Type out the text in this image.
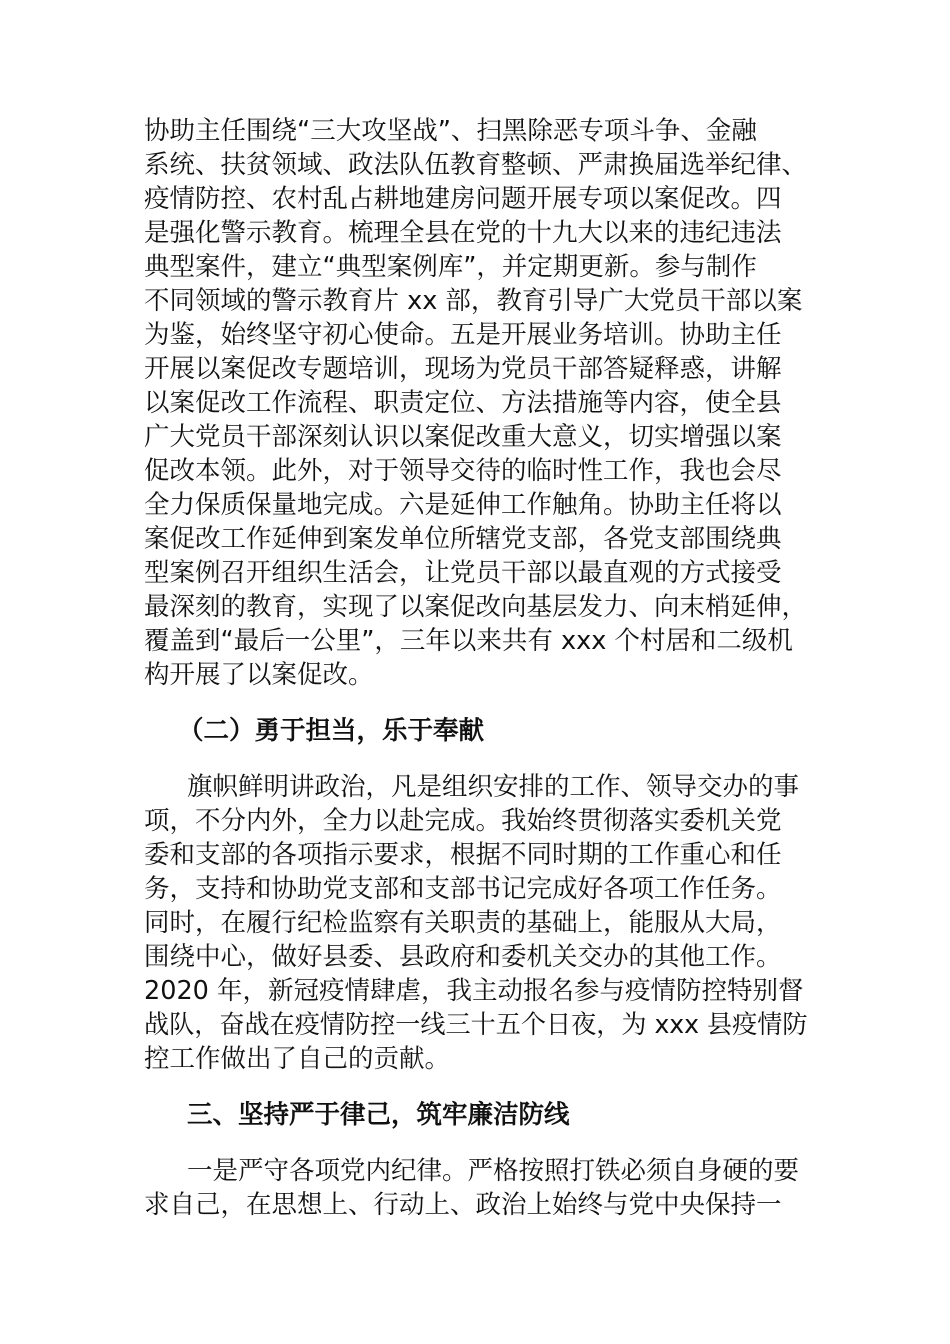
协助主任围绕“三大攻坚战”、扫黑除恶专项斗争、金融
系统、扶贫领域、政法队伍教育整顿、严肃换届选举纪律、
疫情防控、农村乱占耕地建房问题开展专项以案促改。四
是强化警示教育。梳理全县在党的十九大以来的违纪违法
典型案件，建立“典型案例库”，并定期更新。参与制作
不同领域的警示教育片 xx 部，教育引导广大党员干部以案
为鉴，始终坚守初心使命。五是开展业务培训。协助主任
开展以案促改专题培训，现场为党员干部答疑释惑，讲解
以案促改工作流程、职责定位、方法措施等内容，使全县
广大党员干部深刻认识以案促改重大意义，切实增强以案
促改本领。此外，对于领导交待的临时性工作，我也会尽
全力保质保量地完成。六是延伸工作触角。协助主任将以
案促改工作延伸到案发单位所辖党支部，各党支部围绕典
型案例召开组织生活会，让党员干部以最直观的方式接受
最深刻的教育，实现了以案促改向基层发力、向末梢延伸，
覆盖到“最后一公里”，三年以来共有 xxx 个村居和二级机
构开展了以案促改。
（二）勇于担当，乐于奉献
旗帜鲜明讲政治，凡是组织安排的工作、领导交办的事
项，不分内外，全力以赴完成。我始终贯彻落实委机关党
委和支部的各项指示要求，根据不同时期的工作重心和任
务，支持和协助党支部和支部书记完成好各项工作任务。
同时，在履行纪检监察有关职责的基础上，能服从大局，
围绕中心，做好县委、县政府和委机关交办的其他工作。
2020 年，新冠疫情肆虐，我主动报名参与疫情防控特别督
战队，奋战在疫情防控一线三十五个日夜，为 xxx 县疫情防
控工作做出了自己的贡献。
三、坚持严于律己，筑牢廉洁防线
一是严守各项党内纪律。严格按照打铁必须自身硬的要
求自己，在思想上、行动上、政治上始终与党中央保持一
